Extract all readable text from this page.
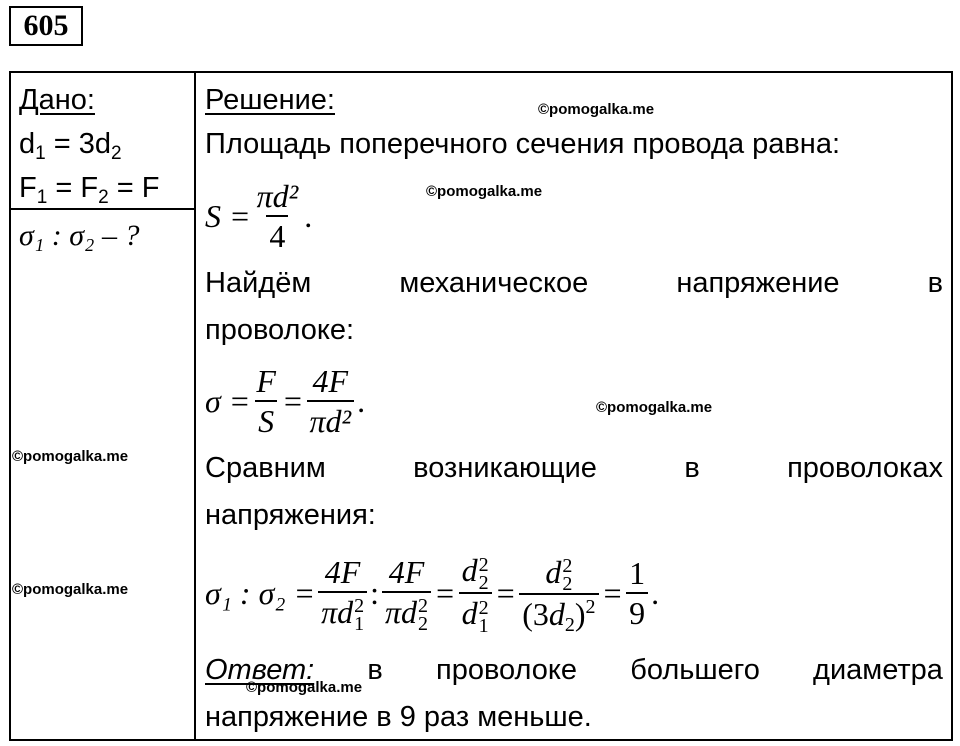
605
Дано:
$d_1 = 3d_2$
$F_1 = F_2 = F$
σ₁ : σ₂ – ?
Решение:
Площадь поперечного сечения провода равна:
$S = \frac{\text{πd²}}{4}$ .
Найдём	механическое	напряжение	в
проволоке:
$\sigma = \frac{F}{S} = \frac{4F}{\text{πd²}}$ .
Сравним	возникающие	в	проволоках
напряжения:
σ₁ : σ₂ = 4F
πd 2
1 : 4F
πd 2
2 = d 2
2
d 2
1 = d 2
2
$(3d2)^2 = \frac{1}{9}$ .
Ответ: в проволоке большего диаметра
напряжение в 9 раз меньше.
©pomogalka.me
©pomogalka.me
©pomogalka.me
©pomogalka.me
©pomogalka.me
©pomogalka.me
